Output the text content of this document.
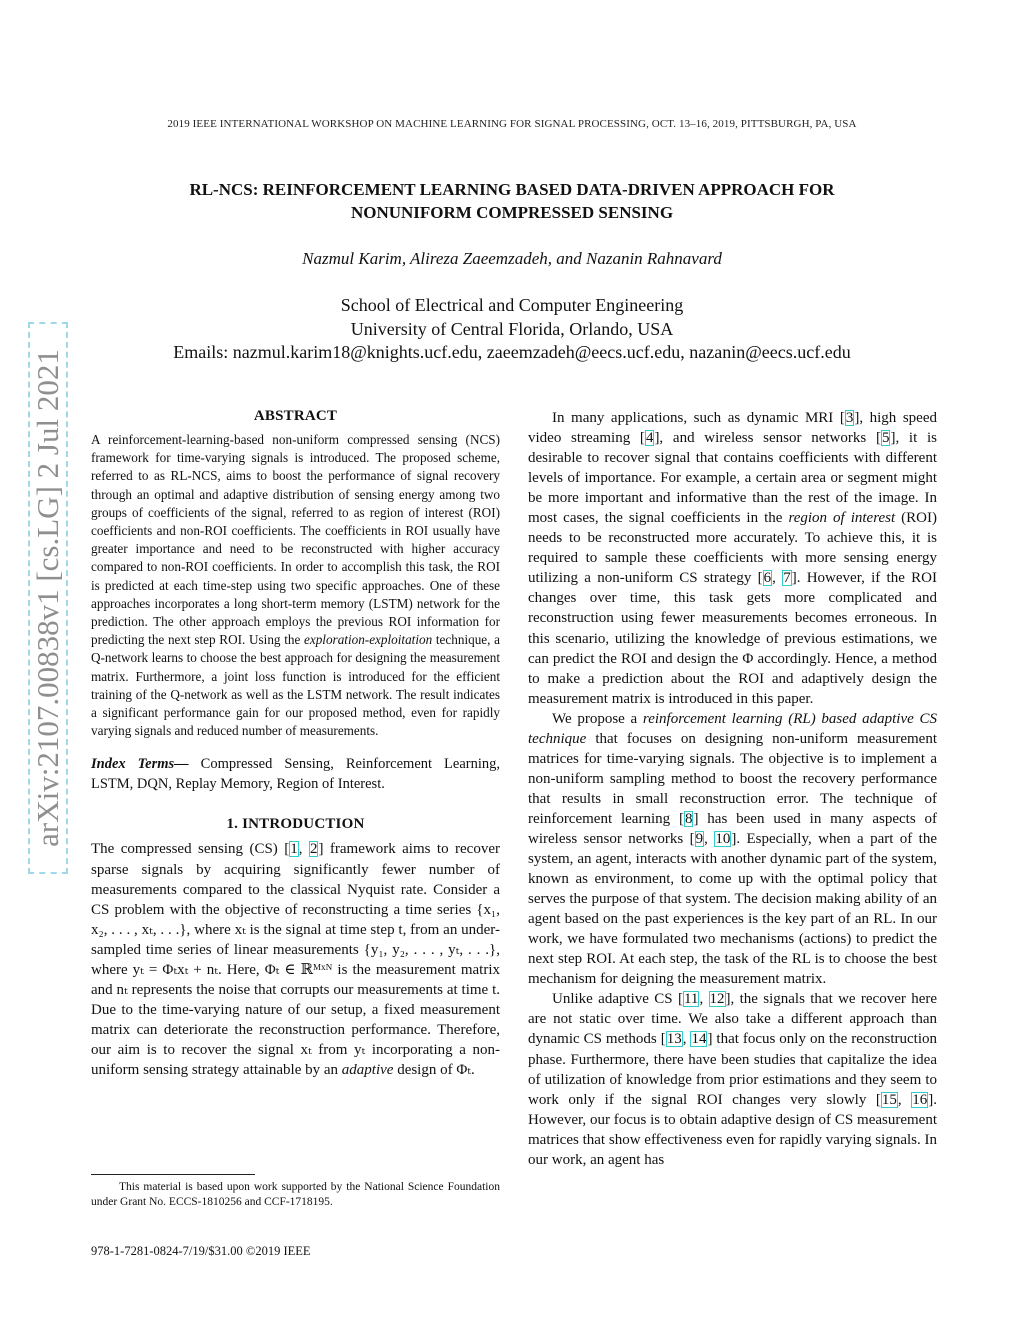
2019 IEEE INTERNATIONAL WORKSHOP ON MACHINE LEARNING FOR SIGNAL PROCESSING, OCT. 13–16, 2019, PITTSBURGH, PA, USA
RL-NCS: REINFORCEMENT LEARNING BASED DATA-DRIVEN APPROACH FOR
NONUNIFORM COMPRESSED SENSING
Nazmul Karim, Alireza Zaeemzadeh, and Nazanin Rahnavard
School of Electrical and Computer Engineering
University of Central Florida, Orlando, USA
Emails: nazmul.karim18@knights.ucf.edu, zaeemzadeh@eecs.ucf.edu, nazanin@eecs.ucf.edu
arXiv:2107.00838v1 [cs.LG] 2 Jul 2021	ABSTRACT

A reinforcement-learning-based non-uniform compressed sensing (NCS) framework for time-varying signals is introduced. The proposed scheme, referred to as RL-NCS, aims to boost the performance of signal recovery through an optimal and adaptive distribution of sensing energy among two groups of coefficients of the signal, referred to as region of interest (ROI) coefficients and non-ROI coefficients. The coefficients in ROI usually have greater importance and need to be reconstructed with higher accuracy compared to non-ROI coefficients. In order to accomplish this task, the ROI is predicted at each time-step using two specific approaches. One of these approaches incorporates a long short-term memory (LSTM) network for the prediction. The other approach employs the previous ROI information for predicting the next step ROI. Using the exploration-exploitation technique, a Q-network learns to choose the best approach for designing the measurement matrix. Furthermore, a joint loss function is introduced for the efficient training of the Q-network as well as the LSTM network. The result indicates a significant performance gain for our proposed method, even for rapidly varying signals and reduced number of measurements.

Index Terms— Compressed Sensing, Reinforcement Learning, LSTM, DQN, Replay Memory, Region of Interest.

1. INTRODUCTION

The compressed sensing (CS) [1, 2] framework aims to recover sparse signals by acquiring significantly fewer number of measurements compared to the classical Nyquist rate. Consider a CS problem with the objective of reconstructing a time series {x₁, x₂, . . . , xₜ, . . .}, where xₜ is the signal at time step t, from an under-sampled time series of linear measurements {y₁, y₂, . . . , yₜ, . . .}, where yₜ = Φₜxₜ + nₜ. Here, Φₜ ∈ ℝᴹˣᴺ is the measurement matrix and nₜ represents the noise that corrupts our measurements at time t. Due to the time-varying nature of our setup, a fixed measurement matrix can deteriorate the reconstruction performance. Therefore, our aim is to recover the signal xₜ from yₜ incorporating a non-uniform sensing strategy attainable by an adaptive design of Φₜ.

This material is based upon work supported by the National Science Foundation under Grant No. ECCS-1810256 and CCF-1718195.
978-1-7281-0824-7/19/$31.00 ©2019 IEEE

In many applications, such as dynamic MRI [3], high speed video streaming [4], and wireless sensor networks [5], it is desirable to recover signal that contains coefficients with different levels of importance. For example, a certain area or segment might be more important and informative than the rest of the image. In most cases, the signal coefficients in the region of interest (ROI) needs to be reconstructed more accurately. To achieve this, it is required to sample these coefficients with more sensing energy utilizing a non-uniform CS strategy [6, 7]. However, if the ROI changes over time, this task gets more complicated and reconstruction using fewer measurements becomes erroneous. In this scenario, utilizing the knowledge of previous estimations, we can predict the ROI and design the Φ accordingly. Hence, a method to make a prediction about the ROI and adaptively design the measurement matrix is introduced in this paper.

We propose a reinforcement learning (RL) based adaptive CS technique that focuses on designing non-uniform measurement matrices for time-varying signals. The objective is to implement a non-uniform sampling method to boost the recovery performance that results in small reconstruction error. The technique of reinforcement learning [8] has been used in many aspects of wireless sensor networks [9, 10]. Especially, when a part of the system, an agent, interacts with another dynamic part of the system, known as environment, to come up with the optimal policy that serves the purpose of that system. The decision making ability of an agent based on the past experiences is the key part of an RL. In our work, we have formulated two mechanisms (actions) to predict the next step ROI. At each step, the task of the RL is to choose the best mechanism for deigning the measurement matrix.

Unlike adaptive CS [11, 12], the signals that we recover here are not static over time. We also take a different approach than dynamic CS methods [13, 14] that focus only on the reconstruction phase. Furthermore, there have been studies that capitalize the idea of utilization of knowledge from prior estimations and they seem to work only if the signal ROI changes very slowly [15, 16]. However, our focus is to obtain adaptive design of CS measurement matrices that show effectiveness even for rapidly varying signals. In our work, an agent has
